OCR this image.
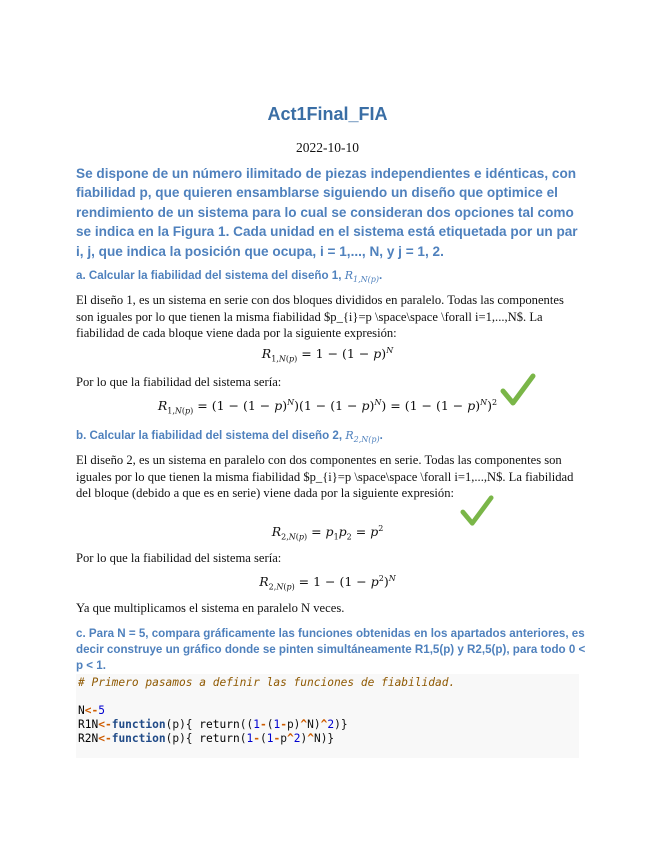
Act1Final_FIA
2022-10-10
Se dispone de un número ilimitado de piezas independientes e idénticas, con fiabilidad p, que quieren ensamblarse siguiendo un diseño que optimice el rendimiento de un sistema para lo cual se consideran dos opciones tal como se indica en la Figura 1. Cada unidad en el sistema está etiquetada por un par i, j, que indica la posición que ocupa, i = 1,..., N, y j = 1, 2.
a. Calcular la fiabilidad del sistema del diseño 1, $R_{1,N(p)}$.
El diseño 1, es un sistema en serie con dos bloques divididos en paralelo. Todas las componentes son iguales por lo que tienen la misma fiabilidad $p_{i}=p \space\space \forall i=1,...,N$. La fiabilidad de cada bloque viene dada por la siguiente expresión:
$R_{1,N(p)} = 1 - (1 - p)^N$
Por lo que la fiabilidad del sistema sería:
$R_{1,N(p)} = (1 - (1 - p)^N)(1 - (1 - p)^N) = (1 - (1 - p)^N)^2$
b. Calcular la fiabilidad del sistema del diseño 2, $R_{2,N(p)}$.
El diseño 2, es un sistema en paralelo con dos componentes en serie. Todas las componentes son iguales por lo que tienen la misma fiabilidad $p_{i}=p \space\space \forall i=1,...,N$. La fiabilidad del bloque (debido a que es en serie) viene dada por la siguiente expresión:
$R_{2,N(p)} = p_1p_2 = p^2$
Por lo que la fiabilidad del sistema sería:
$R_{2,N(p)} = 1 - (1 - p^2)^N$
Ya que multiplicamos el sistema en paralelo N veces.
c. Para N = 5, compara gráficamente las funciones obtenidas en los apartados anteriores, es decir construye un gráfico donde se pinten simultáneamente R1,5(p) y R2,5(p), para todo 0 < p < 1.
# Primero pasamos a definir las funciones de fiabilidad.
N<-5
R1N<-function(p){ return((1-(1-p)^N)^2)}
R2N<-function(p){ return(1-(1-p^2)^N)}
